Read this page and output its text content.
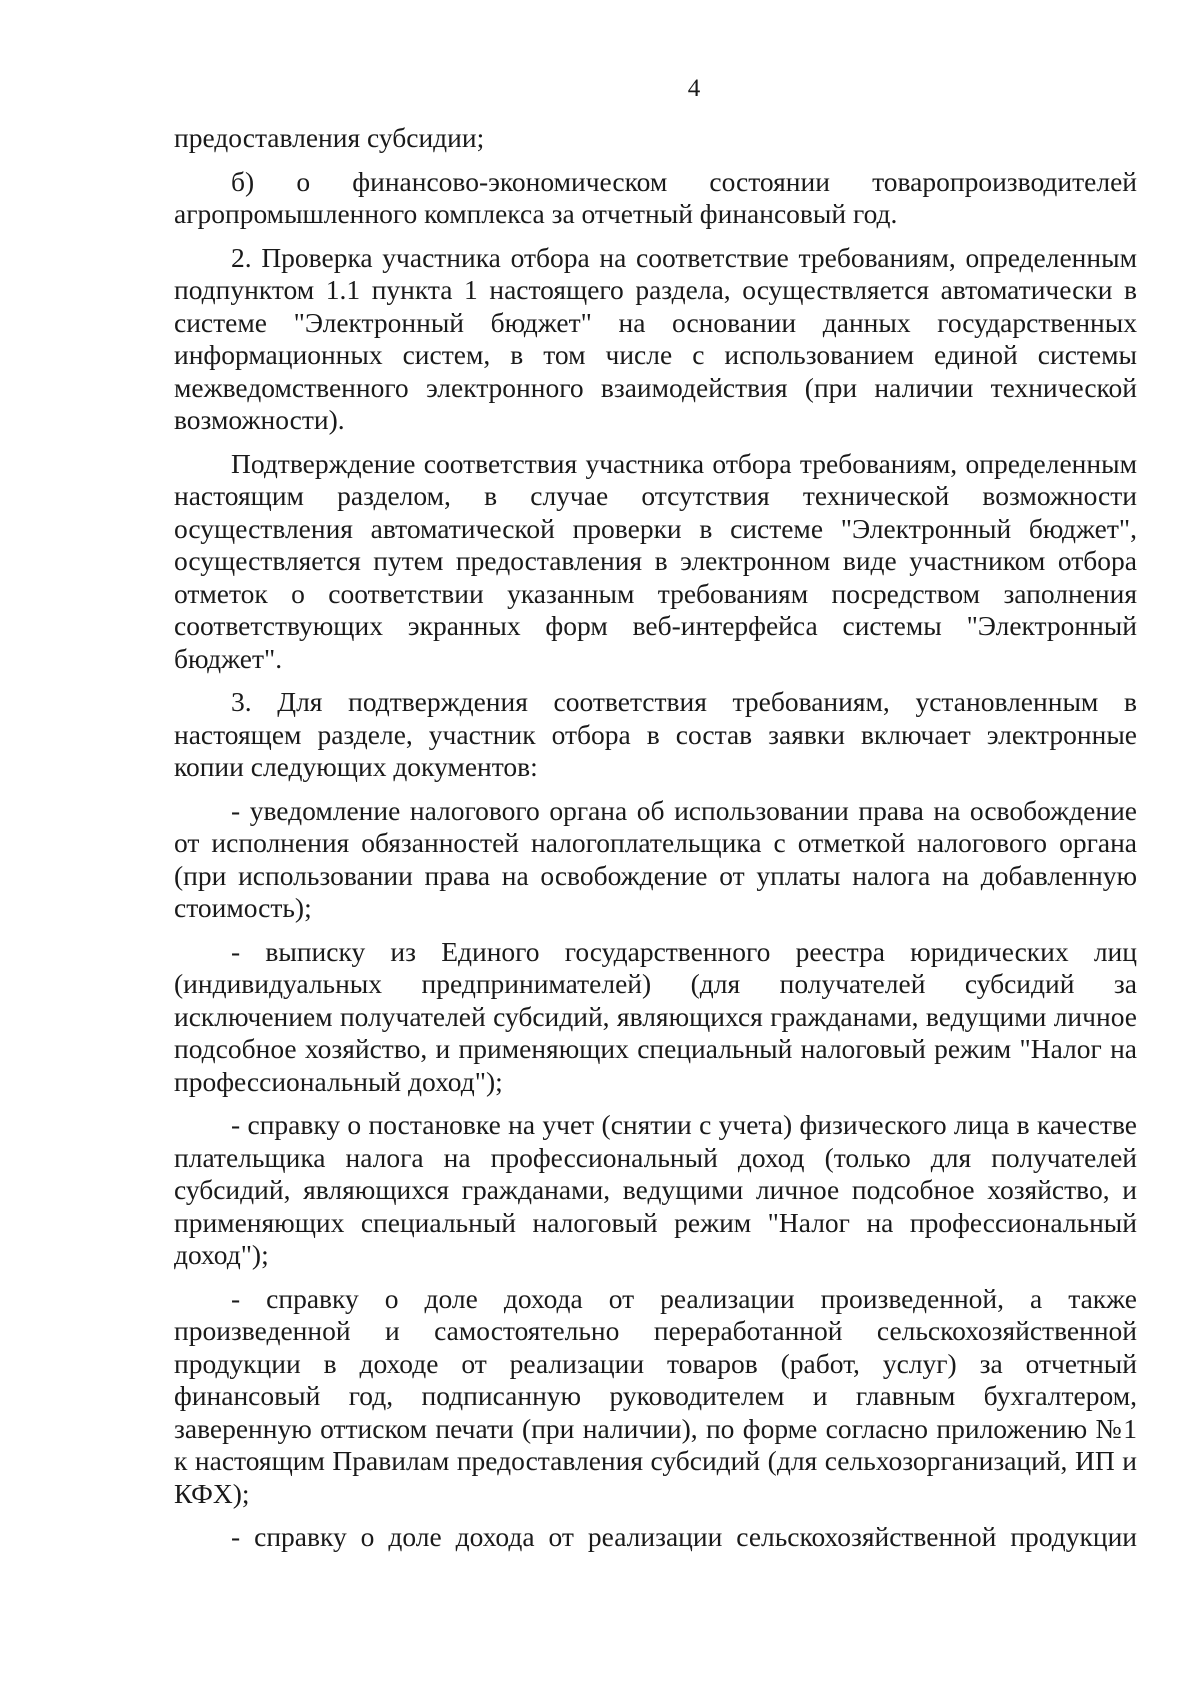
4

предоставления субсидии;

б) о финансово-экономическом состоянии товаропроизводителей агропромышленного комплекса за отчетный финансовый год.

2. Проверка участника отбора на соответствие требованиям, определенным подпунктом 1.1 пункта 1 настоящего раздела, осуществляется автоматически в системе "Электронный бюджет" на основании данных государственных информационных систем, в том числе с использованием единой системы межведомственного электронного взаимодействия (при наличии технической возможности).

Подтверждение соответствия участника отбора требованиям, определенным настоящим разделом, в случае отсутствия технической возможности осуществления автоматической проверки в системе "Электронный бюджет", осуществляется путем предоставления в электронном виде участником отбора отметок о соответствии указанным требованиям посредством заполнения соответствующих экранных форм веб-интерфейса системы "Электронный бюджет".

3. Для подтверждения соответствия требованиям, установленным в настоящем разделе, участник отбора в состав заявки включает электронные копии следующих документов:

- уведомление налогового органа об использовании права на освобождение от исполнения обязанностей налогоплательщика с отметкой налогового органа (при использовании права на освобождение от уплаты налога на добавленную стоимость);

- выписку из Единого государственного реестра юридических лиц (индивидуальных предпринимателей) (для получателей субсидий за исключением получателей субсидий, являющихся гражданами, ведущими личное подсобное хозяйство, и применяющих специальный налоговый режим "Налог на профессиональный доход");

- справку о постановке на учет (снятии с учета) физического лица в качестве плательщика налога на профессиональный доход (только для получателей субсидий, являющихся гражданами, ведущими личное подсобное хозяйство, и применяющих специальный налоговый режим "Налог на профессиональный доход");

- справку о доле дохода от реализации произведенной, а также произведенной и самостоятельно переработанной сельскохозяйственной продукции в доходе от реализации товаров (работ, услуг) за отчетный финансовый год, подписанную руководителем и главным бухгалтером, заверенную оттиском печати (при наличии), по форме согласно приложению №1 к настоящим Правилам предоставления субсидий (для сельхозорганизаций, ИП и КФХ);

- справку о доле дохода от реализации сельскохозяйственной продукции
